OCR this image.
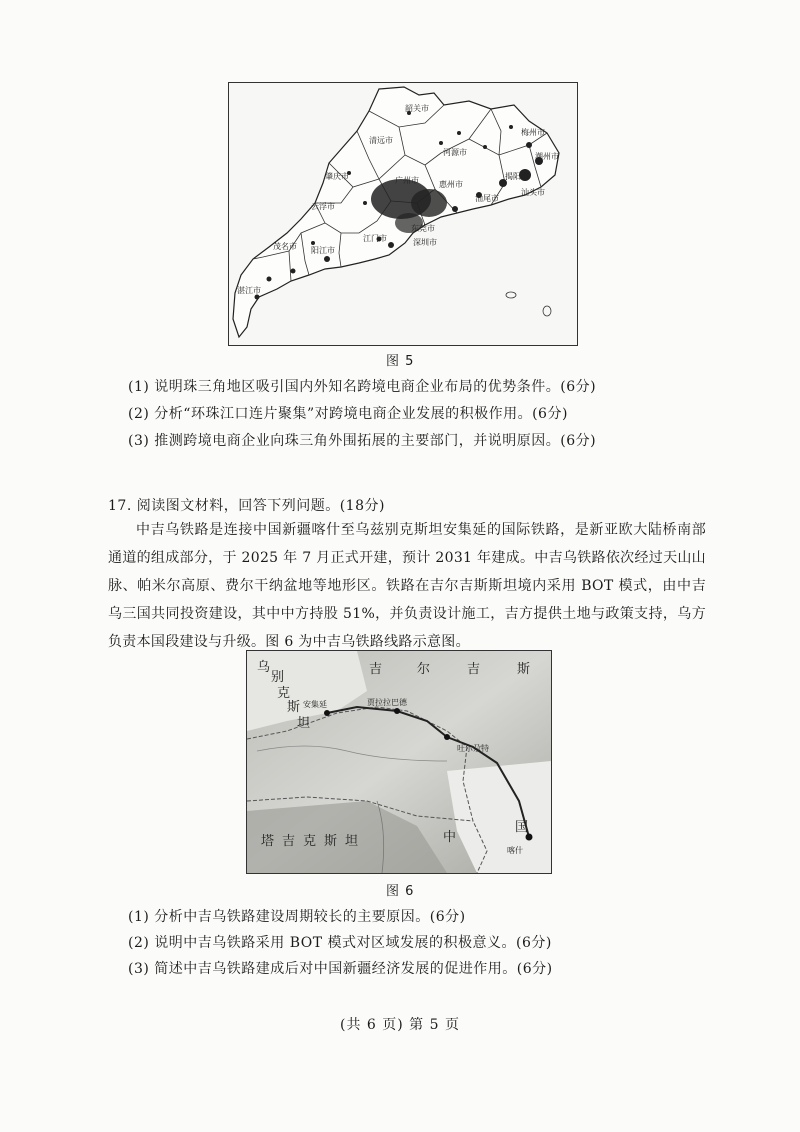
韶关市
清远市
河源市
梅州市
潮州市
揭阳市
汕头市
汕尾市
肇庆市
云浮市
广州市	惠州市
茂名市 阳江市
江门市
东莞市
深圳市
湛江市
图 5
(1) 说明珠三角地区吸引国内外知名跨境电商企业布局的优势条件。(6分)
(2) 分析“环珠江口连片聚集”对跨境电商企业发展的积极作用。(6分)
(3) 推测跨境电商企业向珠三角外围拓展的主要部门，并说明原因。(6分)
17. 阅读图文材料，回答下列问题。(18分)
中吉乌铁路是连接中国新疆喀什至乌兹别克斯坦安集延的国际铁路，是新亚欧大陆桥南部通道的组成部分，于 2025 年 7 月正式开建，预计 2031 年建成。中吉乌铁路依次经过天山山脉、帕米尔高原、费尔干纳盆地等地形区。铁路在吉尔吉斯斯坦境内采用 BOT 模式，由中吉乌三国共同投资建设，其中中方持股 51%，并负责设计施工，吉方提供土地与政策支持，乌方负责本国段建设与升级。图 6 为中吉乌铁路线路示意图。
乌
别
克
斯
坦
吉	尔	吉	斯
塔吉克斯坦	中
国
安集延	贾拉拉巴德
吐尔尕特
喀什
图 6
(1) 分析中吉乌铁路建设周期较长的主要原因。(6分)
(2) 说明中吉乌铁路采用 BOT 模式对区域发展的积极意义。(6分)
(3) 简述中吉乌铁路建成后对中国新疆经济发展的促进作用。(6分)
(共 6 页) 第 5 页
